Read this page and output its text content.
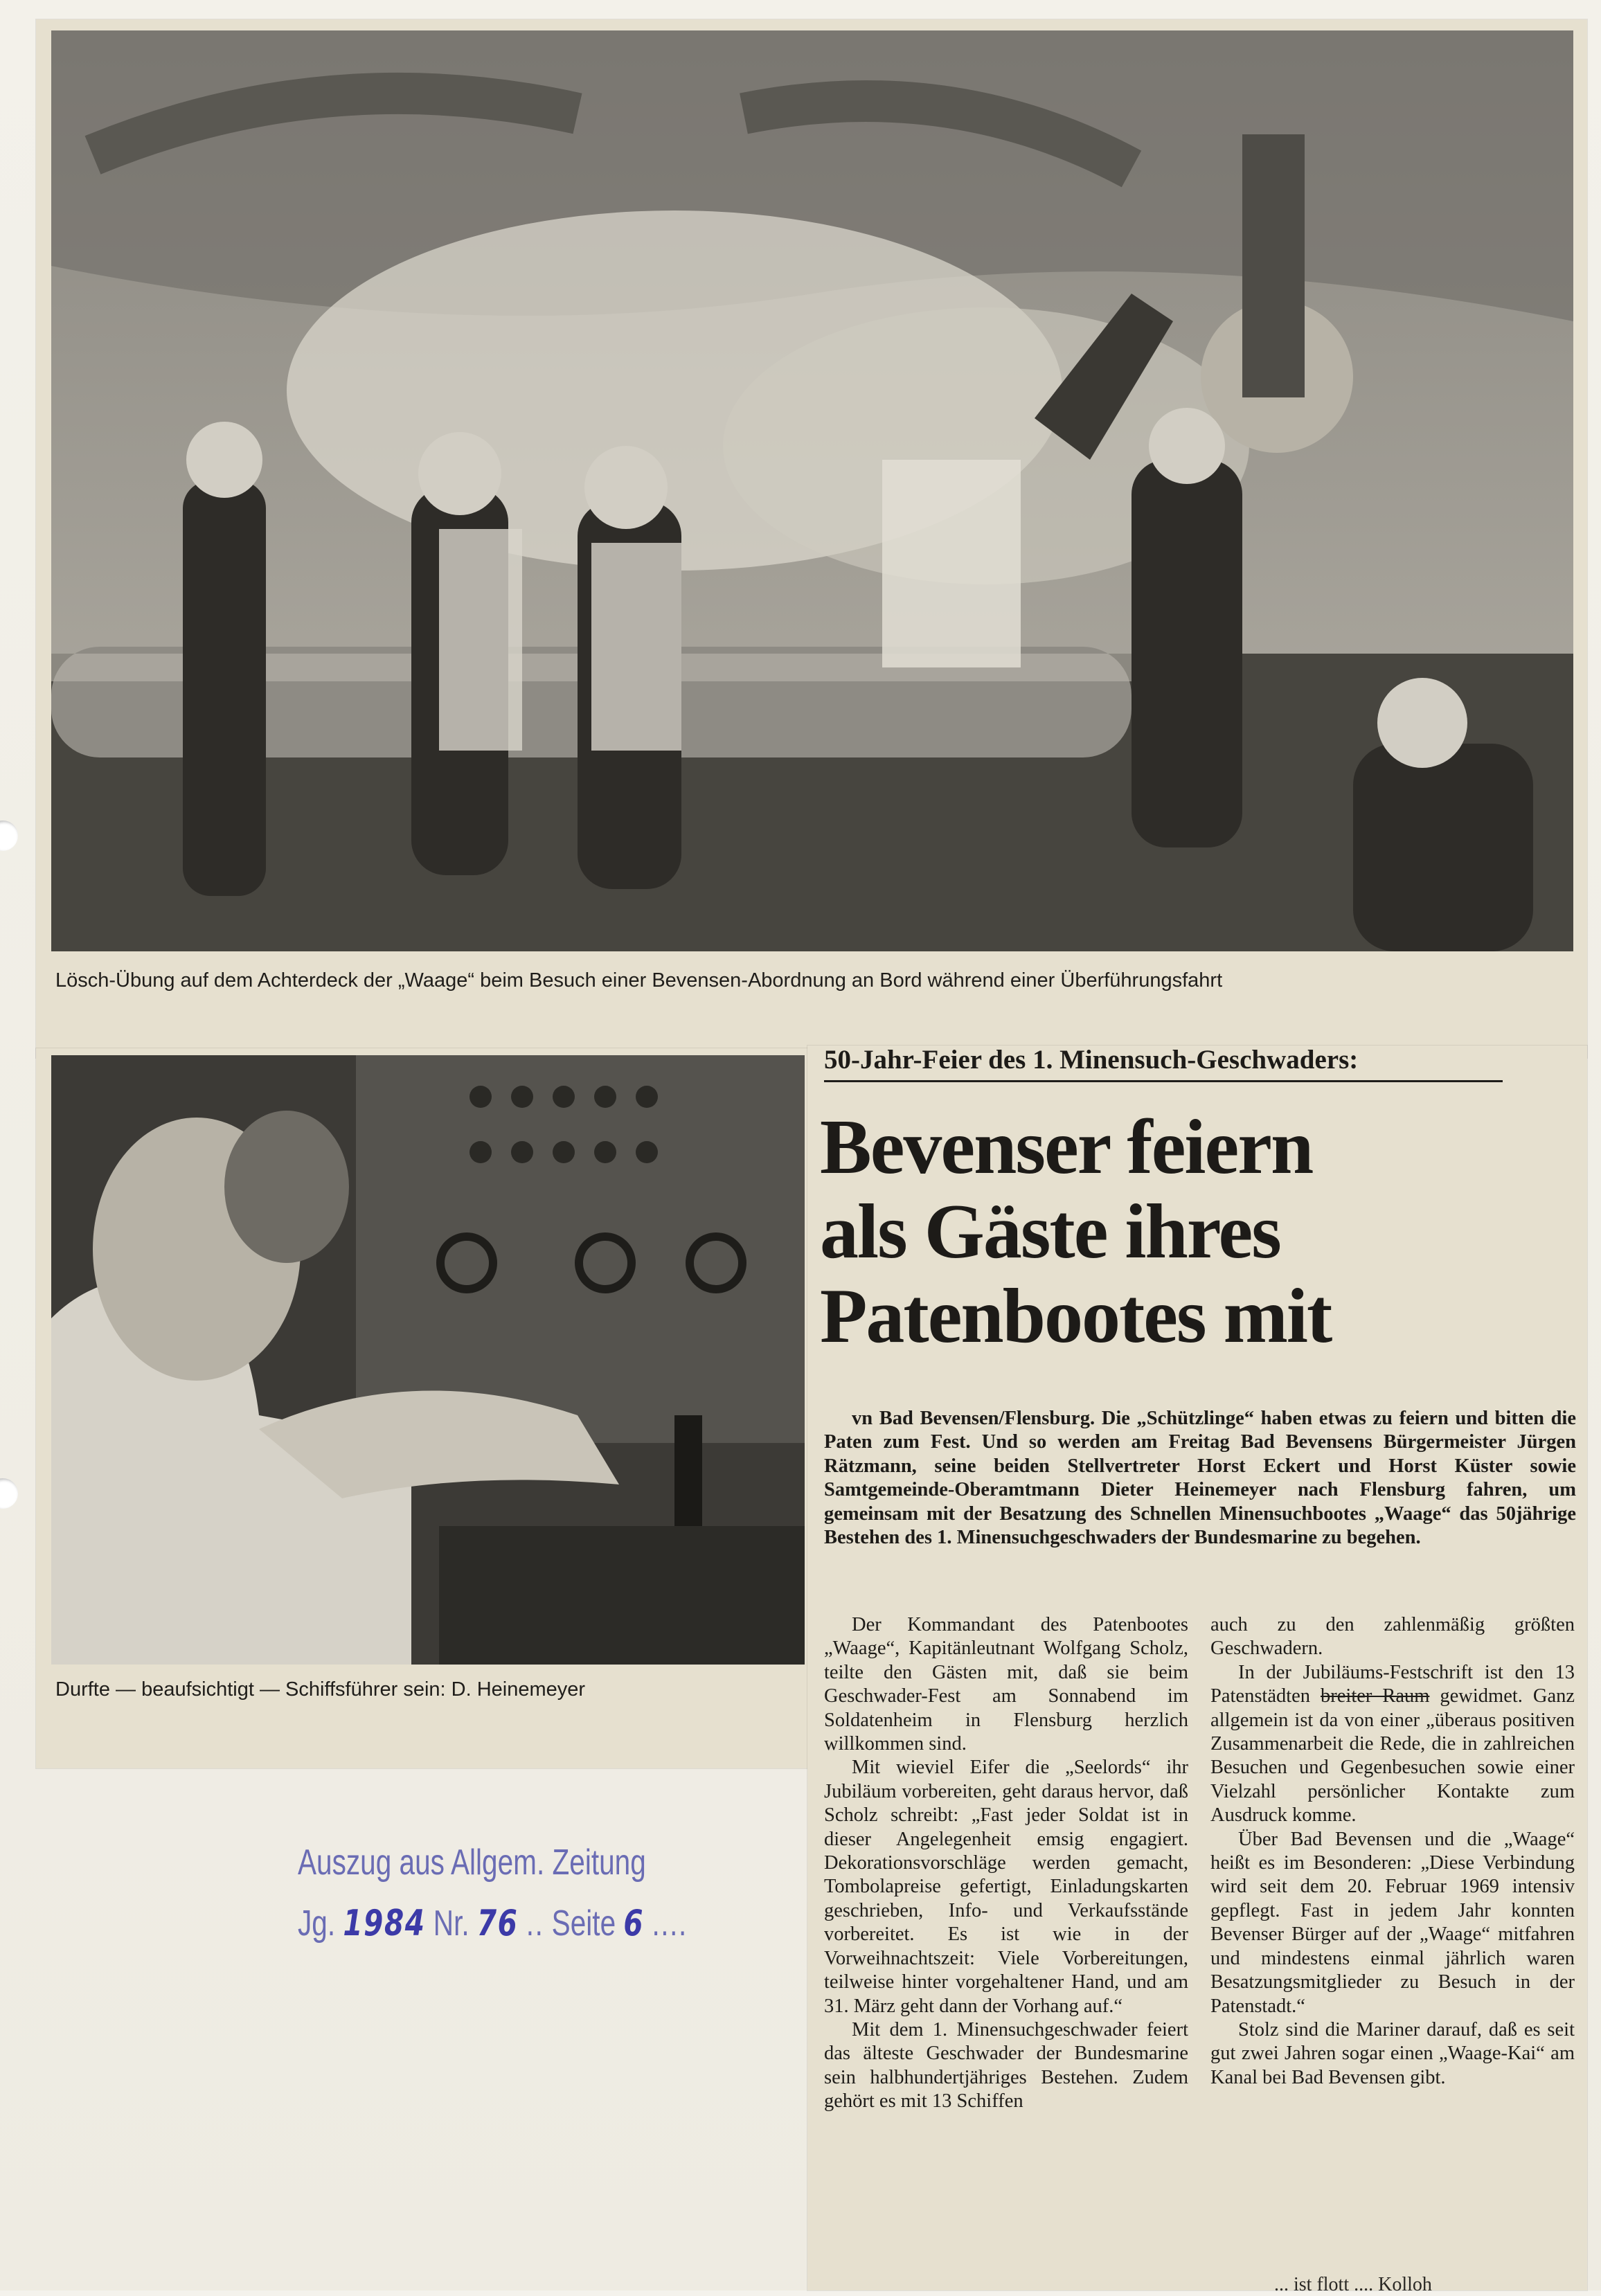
Lösch-Übung auf dem Achterdeck der „Waage“ beim Besuch einer Bevensen-Abordnung an Bord während einer Überführungsfahrt
Durfte — beaufsichtigt — Schiffsführer sein: D. Heinemeyer
50-Jahr-Feier des 1. Minensuch-Geschwaders:
Bevenser feiern
als Gäste ihres
Patenbootes mit
vn Bad Bevensen/Flensburg. Die „Schützlinge“ haben etwas zu feiern und bitten die Paten zum Fest. Und so werden am Freitag Bad Bevensens Bürgermeister Jürgen Rätzmann, seine beiden Stellvertreter Horst Eckert und Horst Küster sowie Samtgemeinde-Oberamtmann Dieter Heinemeyer nach Flensburg fahren, um gemeinsam mit der Besatzung des Schnellen Minensuchbootes „Waage“ das 50jährige Bestehen des 1. Minensuchgeschwaders der Bundesmarine zu begehen.

Der Kommandant des Patenbootes „Waage“, Kapitänleutnant Wolfgang Scholz, teilte den Gästen mit, daß sie beim Geschwader-Fest am Sonnabend im Soldatenheim in Flensburg herzlich willkommen sind.

Mit wieviel Eifer die „Seelords“ ihr Jubiläum vorbereiten, geht daraus hervor, daß Scholz schreibt: „Fast jeder Soldat ist in dieser Angelegenheit emsig engagiert. Dekorationsvorschläge werden gemacht, Tombolapreise gefertigt, Einladungskarten geschrieben, Info- und Verkaufsstände vorbereitet. Es ist wie in der Vorweihnachtszeit: Viele Vorbereitungen, teilweise hinter vorgehaltener Hand, und am 31. März geht dann der Vorhang auf.“

Mit dem 1. Minensuchgeschwader feiert das älteste Geschwader der Bundesmarine sein halbhundertjähriges Bestehen. Zudem gehört es mit 13 Schiffen

auch zu den zahlenmäßig größten Geschwadern.

In der Jubiläums-Festschrift ist den 13 Patenstädten breiter Raum gewidmet. Ganz allgemein ist da von einer „überaus positiven Zusammenarbeit die Rede, die in zahlreichen Besuchen und Gegenbesuchen sowie einer Vielzahl persönlicher Kontakte zum Ausdruck komme.

Über Bad Bevensen und die „Waage“ heißt es im Besonderen: „Diese Verbindung wird seit dem 20. Februar 1969 intensiv gepflegt. Fast in jedem Jahr konnten Bevenser Bürger auf der „Waage“ mitfahren und mindestens einmal jährlich waren Besatzungsmitglieder zu Besuch in der Patenstadt.“

Stolz sind die Mariner darauf, daß es seit gut zwei Jahren sogar einen „Waage-Kai“ am Kanal bei Bad Bevensen gibt.

Auszug aus Allgem. Zeitung
Jg. 1984 Nr. 76 .. Seite 6 ....
... ist flott .... Kolloh
